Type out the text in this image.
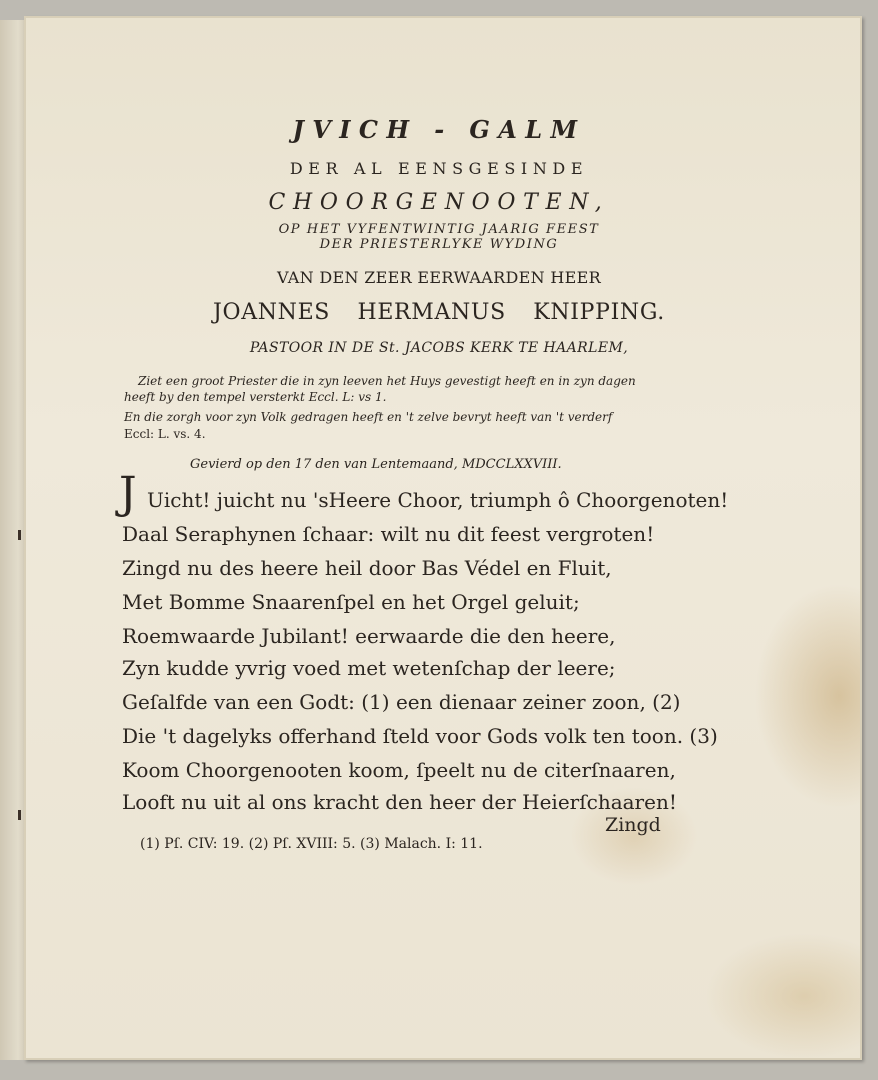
JVICH - GALM
DER AL EENSGESINDE
CHOORGENOOTEN,
OP HET VYFENTWINTIG JAARIG FEEST
DER PRIESTERLYKE WYDING
VAN DEN ZEER EERWAARDEN HEER
JOANNES HERMANUS KNIPPING.
PASTOOR IN DE St. JACOBS KERK TE HAARLEM,
Ziet een groot Priester die in zyn leeven het Huys gevestigt heeft en in zyn dagen
heeft by den tempel versterkt Eccl. L: vs 1.
En die zorgh voor zyn Volk gedragen heeft en 't zelve bevryt heeft van 't verderf
Eccl: L. vs. 4.
Gevierd op den 17 den van Lentemaand, MDCCLXXVIII.
J Uicht! juicht nu 'sHeere Choor, triumph ô Choorgenoten!
Daal Seraphynen ſchaar: wilt nu dit feest vergroten!
Zingd nu des heere heil door Bas Védel en Fluit,
Met Bomme Snaarenſpel en het Orgel geluit;
Roemwaarde Jubilant! eerwaarde die den heere,
Zyn kudde yvrig voed met wetenſchap der leere;
Geſalfde van een Godt: (1) een dienaar zeiner zoon, (2)
Die 't dagelyks offerhand ſteld voor Gods volk ten toon. (3)
Koom Choorgenooten koom, ſpeelt nu de citerſnaaren,
Looft nu uit al ons kracht den heer der Heierſchaaren!
Zingd
(1) Pſ. CIV: 19. (2) Pſ. XVIII: 5. (3) Malach. I: 11.
